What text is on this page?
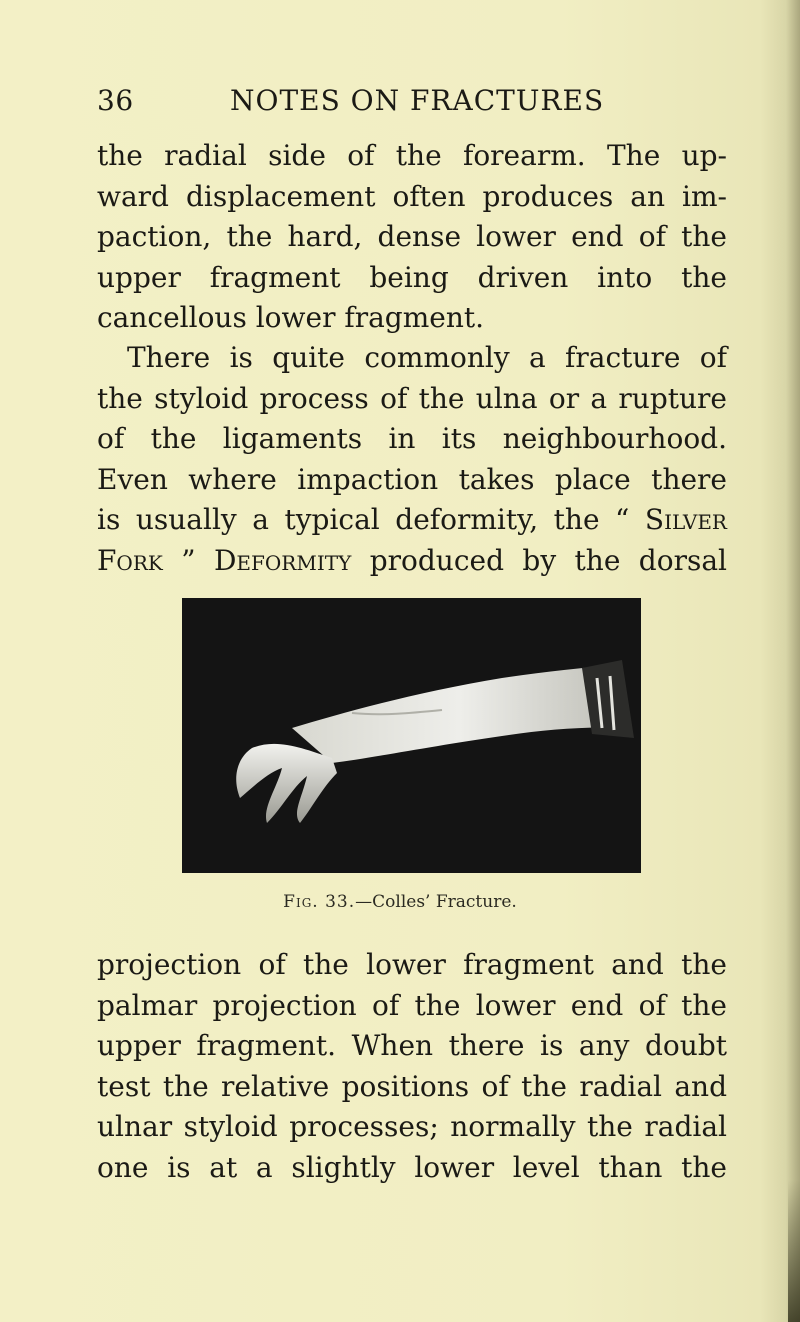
36	NOTES ON FRACTURES
the radial side of the forearm. The up-
ward displacement often produces an im-
paction, the hard, dense lower end of the
upper fragment being driven into the
cancellous lower fragment.
There is quite commonly a fracture of
the styloid process of the ulna or a rupture
of the ligaments in its neighbourhood.
Even where impaction takes place there
is usually a typical deformity, the “ Silver
Fork ” Deformity produced by the dorsal
Fig. 33.—Colles’ Fracture.
projection of the lower fragment and the
palmar projection of the lower end of the
upper fragment. When there is any doubt
test the relative positions of the radial and
ulnar styloid processes; normally the radial
one is at a slightly lower level than the
